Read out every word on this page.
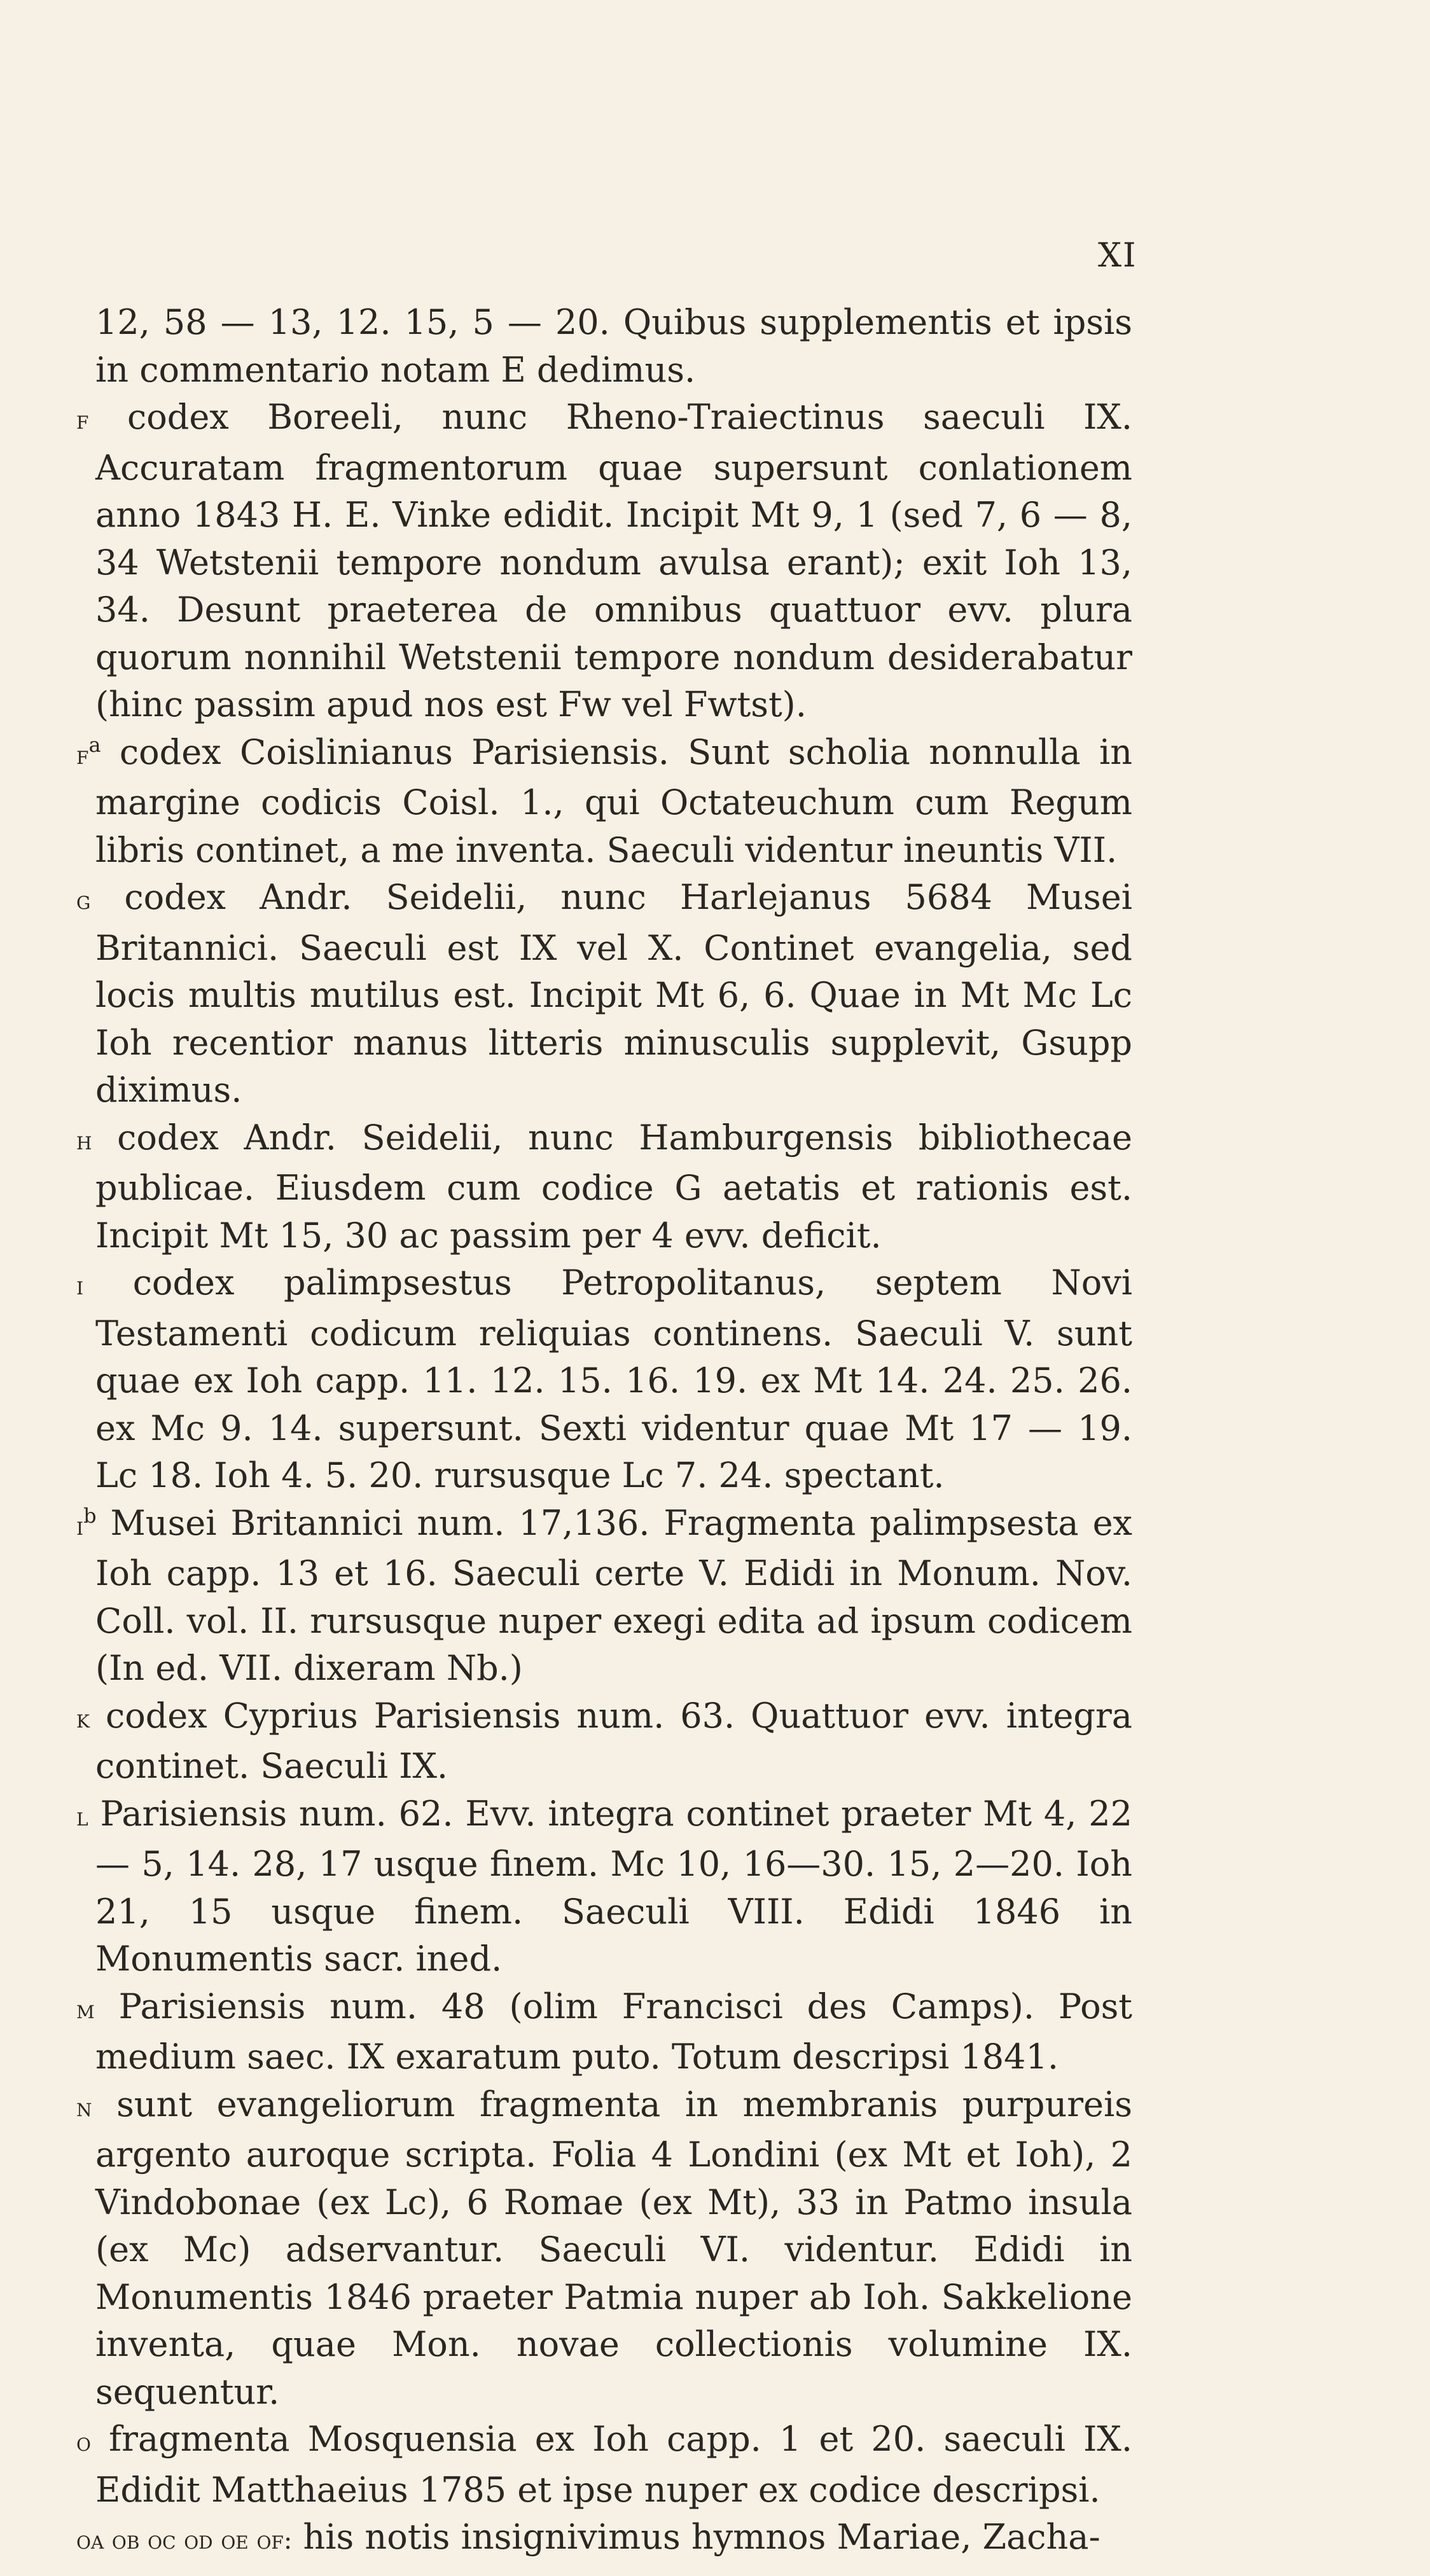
XI
12, 58 — 13, 12. 15, 5 — 20. Quibus supplementis et ipsis in commentario notam E dedimus.
f codex Boreeli, nunc Rheno-Traiectinus saeculi IX. Accuratam fragmentorum quae supersunt conlationem anno 1843 H. E. Vinke edidit. Incipit Mt 9, 1 (sed 7, 6 — 8, 34 Wetstenii tempore nondum avulsa erant); exit Ioh 13, 34. Desunt praeterea de omnibus quattuor evv. plura quorum nonnihil Wetstenii tempore nondum desiderabatur (hinc passim apud nos est Fw vel Fwtst).
$f^a$ codex Coislinianus Parisiensis. Sunt scholia nonnulla in margine codicis Coisl. 1., qui Octateuchum cum Regum libris continet, a me inventa. Saeculi videntur ineuntis VII.
g codex Andr. Seidelii, nunc Harlejanus 5684 Musei Britannici. Saeculi est IX vel X. Continet evangelia, sed locis multis mutilus est. Incipit Mt 6, 6. Quae in Mt Mc Lc Ioh recentior manus litteris minusculis supplevit, Gsupp diximus.
h codex Andr. Seidelii, nunc Hamburgensis bibliothecae publicae. Eiusdem cum codice G aetatis et rationis est. Incipit Mt 15, 30 ac passim per 4 evv. deficit.
i codex palimpsestus Petropolitanus, septem Novi Testamenti codicum reliquias continens. Saeculi V. sunt quae ex Ioh capp. 11. 12. 15. 16. 19. ex Mt 14. 24. 25. 26. ex Mc 9. 14. supersunt. Sexti videntur quae Mt 17 — 19. Lc 18. Ioh 4. 5. 20. rursusque Lc 7. 24. spectant.
$i^b$ Musei Britannici num. 17,136. Fragmenta palimpsesta ex Ioh capp. 13 et 16. Saeculi certe V. Edidi in Monum. Nov. Coll. vol. II. rursusque nuper exegi edita ad ipsum codicem (In ed. VII. dixeram Nb.)
k codex Cyprius Parisiensis num. 63. Quattuor evv. integra continet. Saeculi IX.
l Parisiensis num. 62. Evv. integra continet praeter Mt 4, 22 — 5, 14. 28, 17 usque finem. Mc 10, 16—30. 15, 2—20. Ioh 21, 15 usque finem. Saeculi VIII. Edidi 1846 in Monumentis sacr. ined.
m Parisiensis num. 48 (olim Francisci des Camps). Post medium saec. IX exaratum puto. Totum descripsi 1841.
n sunt evangeliorum fragmenta in membranis purpureis argento auroque scripta. Folia 4 Londini (ex Mt et Ioh), 2 Vindobonae (ex Lc), 6 Romae (ex Mt), 33 in Patmo insula (ex Mc) adservantur. Saeculi VI. videntur. Edidi in Monumentis 1846 praeter Patmia nuper ab Ioh. Sakkelione inventa, quae Mon. novae collectionis volumine IX. sequentur.
o fragmenta Mosquensia ex Ioh capp. 1 et 20. saeculi IX. Edidit Matthaeius 1785 et ipse nuper ex codice descripsi.
oa ob oc od oe of: his notis insignivimus hymnos Mariae, Zacha-
